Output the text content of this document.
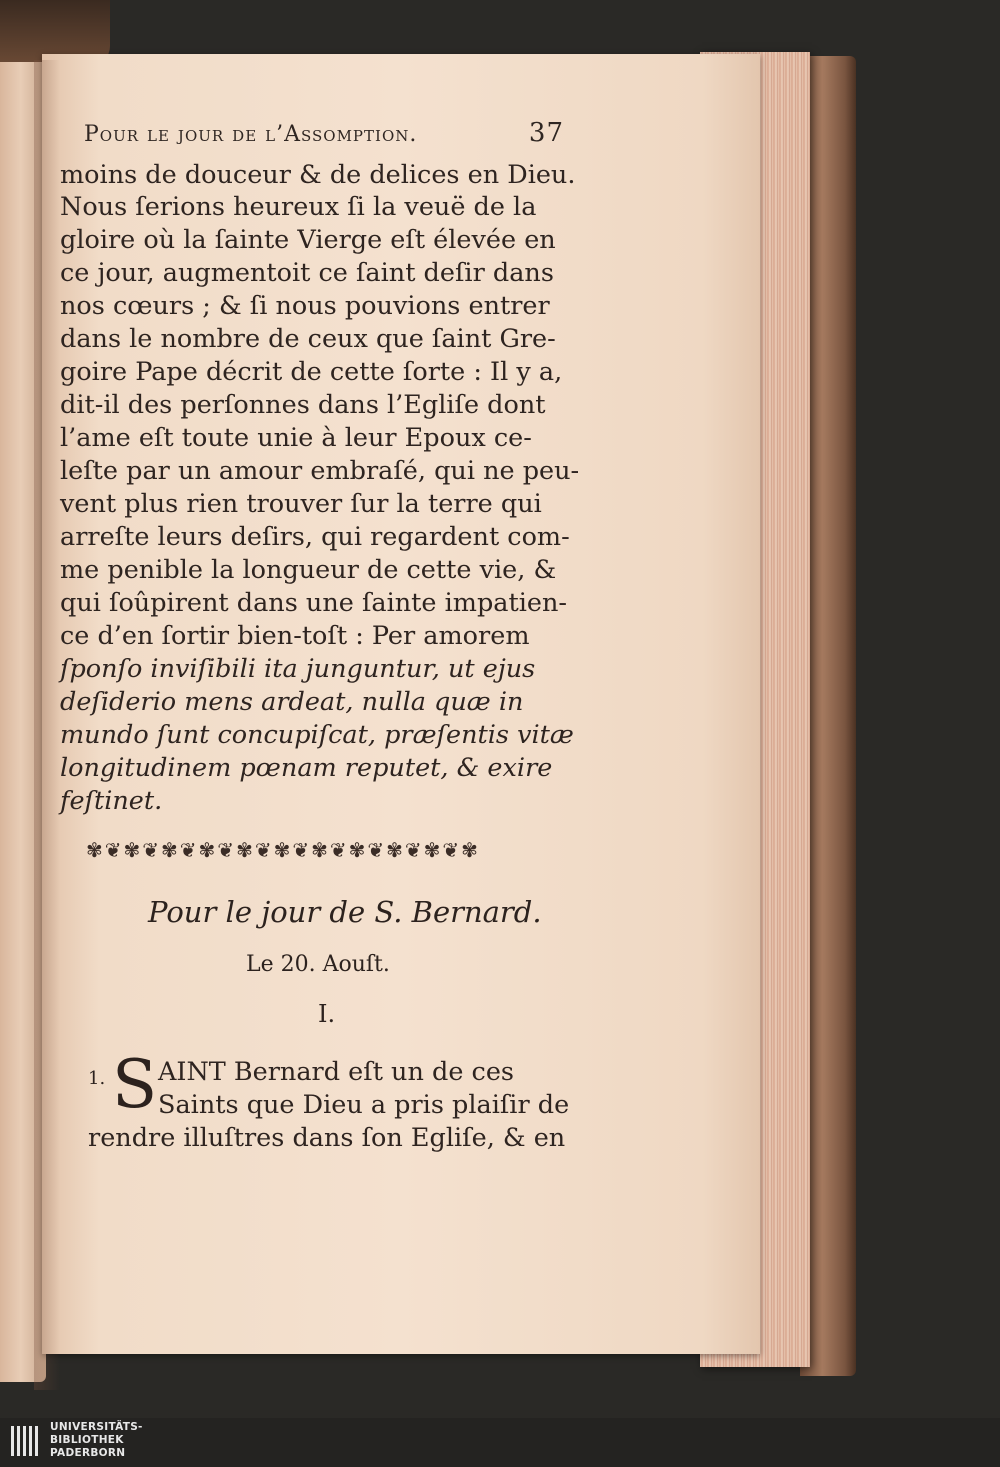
Pour le jour de l’Assomption.	37
moins de douceur & de delices en Dieu.
Nous ſerions heureux ſi la veuë de la
gloire où la ſainte Vierge eſt élevée en
ce jour, augmentoit ce ſaint deſir dans
nos cœurs ; & ſi nous pouvions entrer
dans le nombre de ceux que ſaint Gre-
goire Pape décrit de cette ſorte : Il y a,
dit-il des perſonnes dans l’Egliſe dont
l’ame eſt toute unie à leur Epoux ce-
leſte par un amour embraſé, qui ne peu-
vent plus rien trouver ſur la terre qui
arreſte leurs deſirs, qui regardent com-
me penible la longueur de cette vie, &
qui ſoûpirent dans une ſainte impatien-
ce d’en ſortir bien-toſt : Per amorem
ſponſo inviſibili ita junguntur, ut ejus
deſiderio mens ardeat, nulla quæ in
mundo ſunt concupiſcat, præſentis vitæ
longitudinem pœnam reputet, & exire
feſtinet.
✾❦✾❦✾❦✾❦✾❦✾❦✾❦✾❦✾❦✾❦✾
Pour le jour de S. Bernard.
Le 20. Aouſt.
I.
1. S AINT Bernard eſt un de ces
Saints que Dieu a pris plaiſir de
rendre illuſtres dans ſon Egliſe, & en
UNIVERSITÄTS-
BIBLIOTHEK
PADERBORN
